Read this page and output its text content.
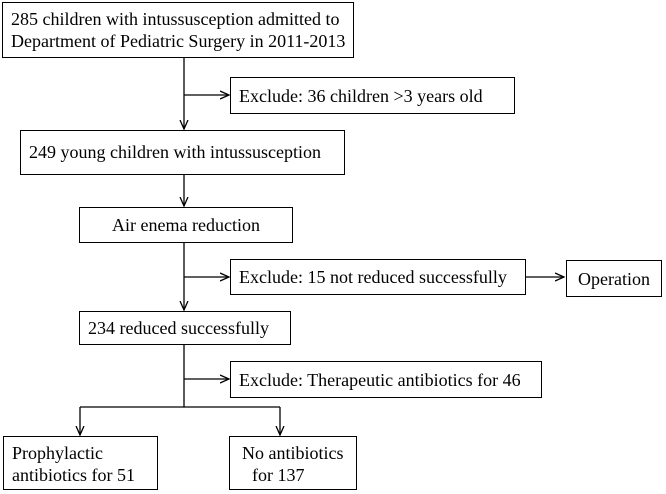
285 children with intussusception admitted to
Department of Pediatric Surgery in 2011-2013
Exclude: 36 children >3 years old
249 young children with intussusception
Air enema reduction
Exclude: 15 not reduced successfully	Operation
234 reduced successfully
Exclude: Therapeutic antibiotics for 46
Prophylactic
antibiotics for 51
No antibiotics
for 137
